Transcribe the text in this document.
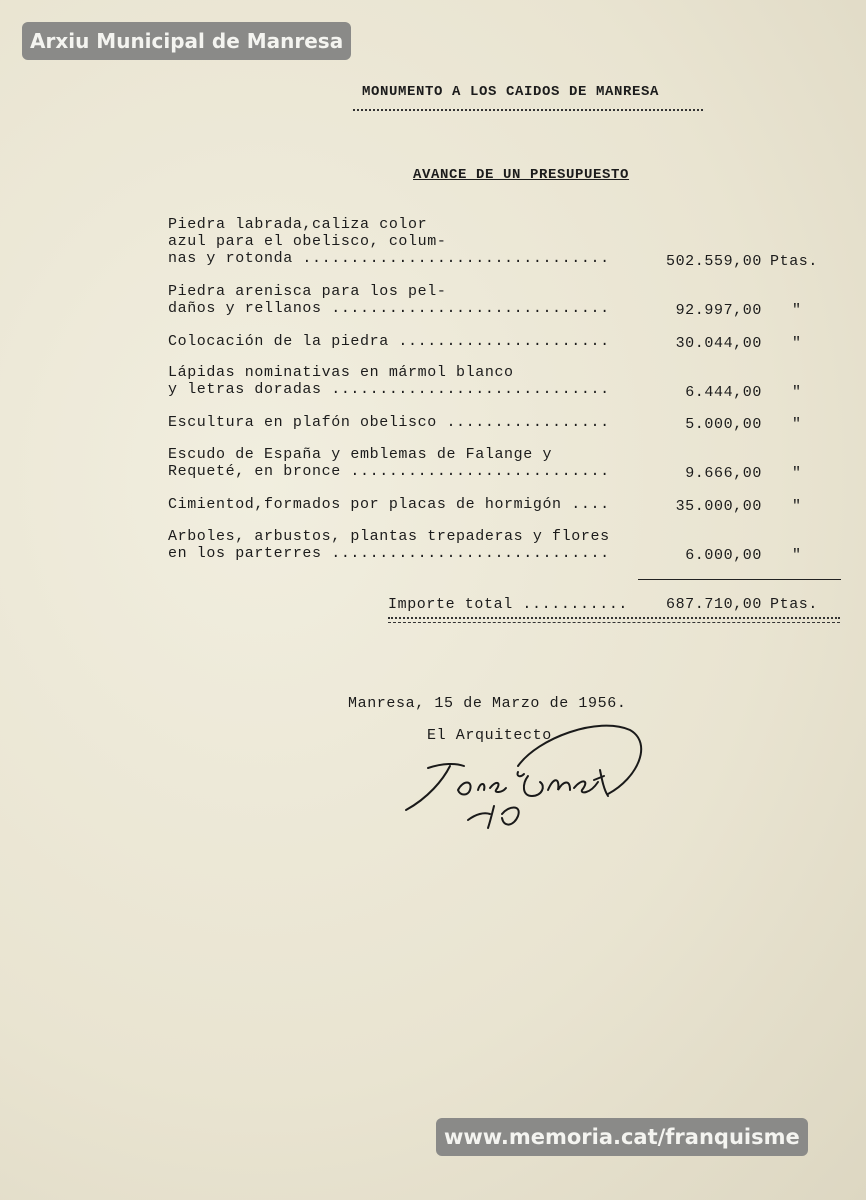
Arxiu Municipal de Manresa
MONUMENTO A LOS CAIDOS DE MANRESA
AVANCE DE UN PRESUPUESTO
Piedra labrada,caliza color
azul para el obelisco, colum-
nas y rotonda ................................	502.559,00 Ptas.
Piedra arenisca para los pel-
daños y rellanos .............................	92.997,00 "
Colocación de la piedra ......................	30.044,00 "
Lápidas nominativas en mármol blanco
y letras doradas .............................	6.444,00 "
Escultura en plafón obelisco .................	5.000,00 "
Escudo de España y emblemas de Falange y
Requeté, en bronce ...........................	9.666,00 "
Cimientod,formados por placas de hormigón ....	35.000,00 "
Arboles, arbustos, plantas trepaderas y flores
en los parterres .............................	6.000,00 "
Importe total ...........	687.710,00 Ptas.
Manresa, 15 de Marzo de 1956.
El Arquitecto
www.memoria.cat/franquisme
